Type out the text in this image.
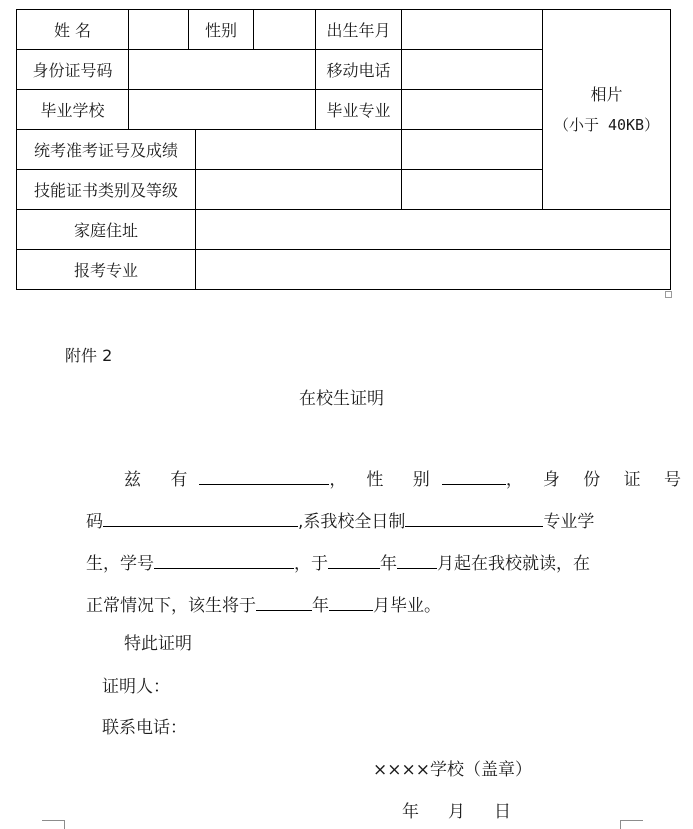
姓 名		性别			出生年月		相片
（小于 40KB）

身份证号码					移动电话		
毕业学校					毕业专业		
统考准考证号及成绩							
技能证书类别及等级							
家庭住址							
报考专业							
附件 2
在校生证明
兹 有	， 性 别	， 身 份 证 号
码	,系我校全日制	专业学
生，学号	，于	年 月起在我校就读，在
正常情况下，该生将于	年	月毕业。
特此证明
证明人：
联系电话：
××××学校（盖章）
年 月 日
